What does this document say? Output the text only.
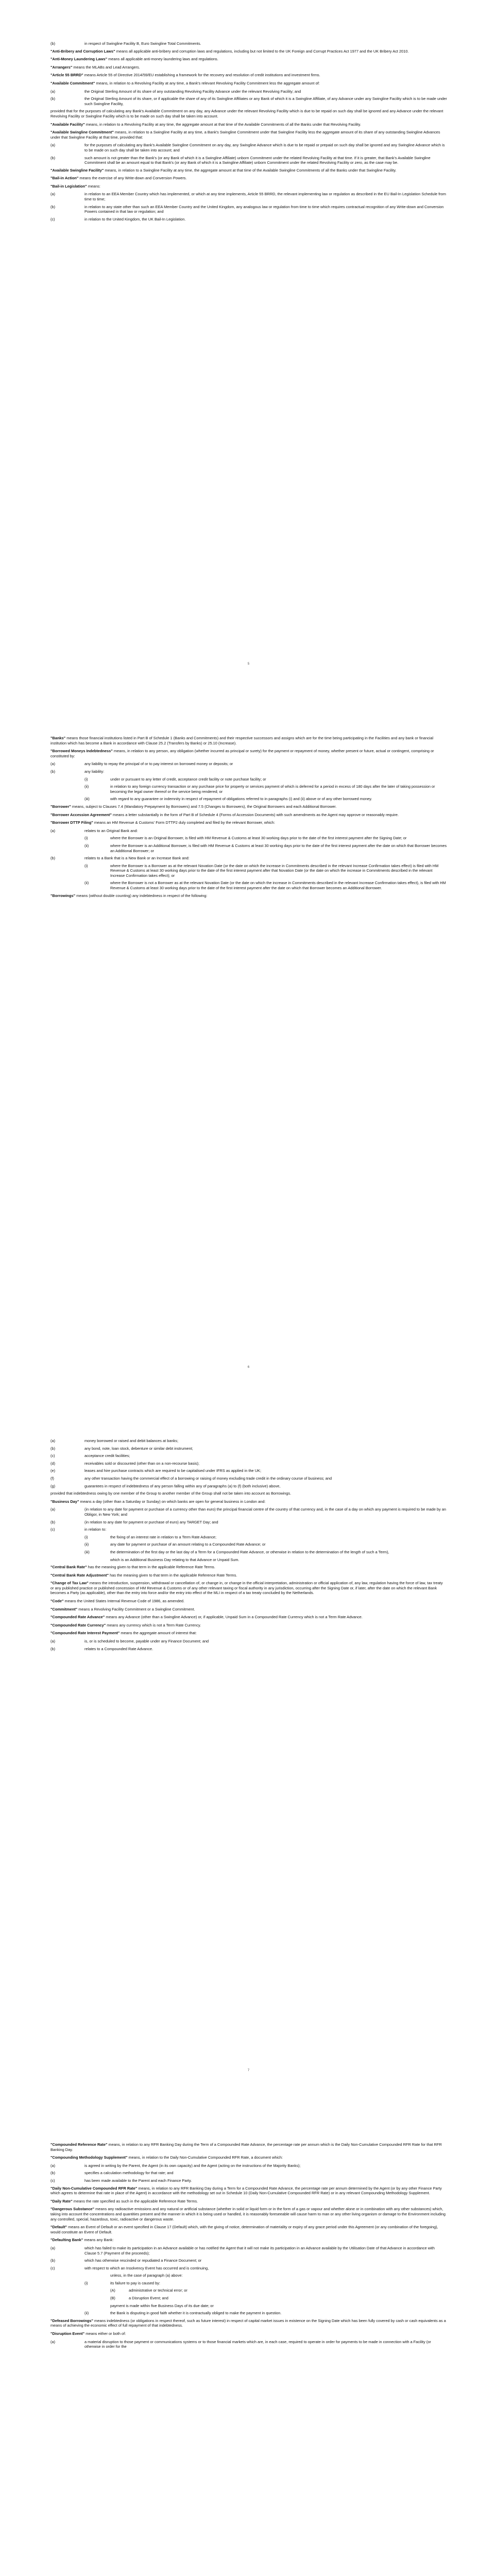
(b)	in respect of Swingline Facility B, Euro Swingline Total Commitments.

"Anti-Bribery and Corruption Laws" means all applicable anti-bribery and corruption laws and regulations, including but not limited to the UK Foreign and Corrupt Practices Act 1977 and the UK Bribery Act 2010.

"Anti-Money Laundering Laws" means all applicable anti-money laundering laws and regulations.

"Arrangers" means the MLABs and Lead Arrangers.

"Article 55 BRRD" means Article 55 of Directive 2014/59/EU establishing a framework for the recovery and resolution of credit institutions and investment firms.

"Available Commitment" means, in relation to a Revolving Facility at any time, a Bank's relevant Revolving Facility Commitment less the aggregate amount of:

(a)	the Original Sterling Amount of its share of any outstanding Revolving Facility Advance under the relevant Revolving Facility; and
(b)	the Original Sterling Amount of its share, or if applicable the share of any of its Swingline Affiliates or any Bank of which it is a Swingline Affiliate, of any Advance under any Swingline Facility which is to be made under such Swingline Facility,

provided that for the purposes of calculating any Bank's Available Commitment on any day, any Advance under the relevant Revolving Facility which is due to be repaid on such day shall be ignored and any Advance under the relevant Revolving Facility or Swingline Facility which is to be made on such day shall be taken into account.

"Available Facility" means, in relation to a Revolving Facility at any time, the aggregate amount at that time of the Available Commitments of all the Banks under that Revolving Facility.

"Available Swingline Commitment" means, in relation to a Swingline Facility at any time, a Bank's Swingline Commitment under that Swingline Facility less the aggregate amount of its share of any outstanding Swingline Advances under that Swingline Facility at that time, provided that:

(a)	for the purposes of calculating any Bank's Available Swingline Commitment on any day, any Swingline Advance which is due to be repaid or prepaid on such day shall be ignored and any Swingline Advance which is to be made on such day shall be taken into account; and
(b)	such amount is not greater than the Bank's (or any Bank of which it is a Swingline Affiliate) unborn Commitment under the related Revolving Facility at that time. If it is greater, that Bank's Available Swingline Commitment shall be an amount equal to that Bank's (or any Bank of which it is a Swingline Affiliate) unborn Commitment under the related Revolving Facility or zero, as the case may be.

"Available Swingline Facility" means, in relation to a Swingline Facility at any time, the aggregate amount at that time of the Available Swingline Commitments of all the Banks under that Swingline Facility.

"Bail-in Action" means the exercise of any Write-down and Conversion Powers.

"Bail-in Legislation" means:

(a)	in relation to an EEA Member Country which has implemented, or which at any time implements, Article 55 BRRD, the relevant implementing law or regulation as described in the EU Bail-In Legislation Schedule from time to time;
(b)	in relation to any state other than such an EEA Member Country and the United Kingdom, any analogous law or regulation from time to time which requires contractual recognition of any Write-down and Conversion Powers contained in that law or regulation; and
(c)	in relation to the United Kingdom, the UK Bail-In Legislation.
5

"Banks" means those financial institutions listed in Part B of Schedule 1 (Banks and Commitments) and their respective successors and assigns which are for the time being participating in the Facilities and any bank or financial institution which has become a Bank in accordance with Clause 25.2 (Transfers by Banks) or 25.10 (Increase).

"Borrowed Moneys Indebtedness" means, in relation to any person, any obligation (whether incurred as principal or surety) for the payment or repayment of money, whether present or future, actual or contingent, comprising or constituted by:

(a)	any liability to repay the principal of or to pay interest on borrowed money or deposits; or
(b)	any liability:
(i)	under or pursuant to any letter of credit, acceptance credit facility or note purchase facility; or
(ii)	in relation to any foreign currency transaction or any purchase price for property or services payment of which is deferred for a period in excess of 180 days after the later of taking possession or becoming the legal owner thereof or the service being rendered; or
(iii)	with regard to any guarantee or indemnity in respect of repayment of obligations referred to in paragraphs (i) and (ii) above or of any other borrowed money.

"Borrower" means, subject to Clauses 7.4 (Mandatory Prepayment by Borrowers) and 7.5 (Changes to Borrowers), the Original Borrowers and each Additional Borrower.

"Borrower Accession Agreement" means a letter substantially in the form of Part B of Schedule 4 (Forms of Accession Documents) with such amendments as the Agent may approve or reasonably require.

"Borrower DTTP Filing" means an HM Revenue & Customs' Form DTTP2 duly completed and filed by the relevant Borrower, which:

(a)	relates to an Original Bank and:
(i)	where the Borrower is an Original Borrower, is filed with HM Revenue & Customs at least 30 working days prior to the date of the first interest payment after the Signing Date; or
(ii)	where the Borrower is an Additional Borrower, is filed with HM Revenue & Customs at least 30 working days prior to the date of the first interest payment after the date on which that Borrower becomes an Additional Borrower; or
(b)	relates to a Bank that is a New Bank or an Increase Bank and:
(i)	where the Borrower is a Borrower as at the relevant Novation Date (or the date on which the increase in Commitments described in the relevant Increase Confirmation takes effect) is filed with HM Revenue & Customs at least 30 working days prior to the date of the first interest payment after that Novation Date (or the date on which the increase in Commitments described in the relevant Increase Confirmation takes effect); or
(ii)	where the Borrower is not a Borrower as at the relevant Novation Date (or the date on which the increase in Commitments described in the relevant Increase Confirmation takes effect), is filed with HM Revenue & Customs at least 30 working days prior to the date of the first interest payment after the date on which that Borrower becomes an Additional Borrower.

"Borrowings" means (without double counting) any indebtedness in respect of the following:

6
(a)	money borrowed or raised and debit balances at banks;
(b)	any bond, note, loan stock, debenture or similar debt instrument;
(c)	acceptance credit facilities;
(d)	receivables sold or discounted (other than on a non-recourse basis);
(e)	leases and hire purchase contracts which are required to be capitalised under IFRS as applied in the UK;
(f)	any other transaction having the commercial effect of a borrowing or raising of money excluding trade credit in the ordinary course of business; and
(g)	guarantees in respect of indebtedness of any person falling within any of paragraphs (a) to (f) (both inclusive) above,

provided that indebtedness owing by one member of the Group to another member of the Group shall not be taken into account as Borrowings.

"Business Day" means a day (other than a Saturday or Sunday) on which banks are open for general business in London and:

(a)	(in relation to any date for payment or purchase of a currency other than euro) the principal financial centre of the country of that currency and, in the case of a day on which any payment is required to be made by an Obligor, in New York; and
(b)	(in relation to any date for payment or purchase of euro) any TARGET Day; and
(c)	in relation to:
(i)	the fixing of an interest rate in relation to a Term Rate Advance;
(ii)	any date for payment or purchase of an amount relating to a Compounded Rate Advance; or
(iii)	the determination of the first day or the last day of a Term for a Compounded Rate Advance, or otherwise in relation to the determination of the length of such a Term),

which is an Additional Business Day relating to that Advance or Unpaid Sum.

"Central Bank Rate" has the meaning given to that term in the applicable Reference Rate Terms.

"Central Bank Rate Adjustment" has the meaning given to that term in the applicable Reference Rate Terms.

"Change of Tax Law" means the introduction, suspension, withdrawal or cancellation of, or change in, or change in the official interpretation, administration or official application of, any law, regulation having the force of law, tax treaty or any published practice or published concession of HM Revenue & Customs or of any other relevant taxing or fiscal authority in any jurisdiction, occurring after the Signing Date or, if later, after the date on which the relevant Bank becomes a Party (as applicable), other than the entry into force and/or the entry into effect of the MLI in respect of a tax treaty concluded by the Netherlands.

"Code" means the United States Internal Revenue Code of 1986, as amended.

"Commitment" means a Revolving Facility Commitment or a Swingline Commitment.

"Compounded Rate Advance" means any Advance (other than a Swingline Advance) or, if applicable, Unpaid Sum in a Compounded Rate Currency which is not a Term Rate Advance.

"Compounded Rate Currency" means any currency which is not a Term Rate Currency.

"Compounded Rate Interest Payment" means the aggregate amount of interest that:

(a)	is, or is scheduled to become, payable under any Finance Document; and
(b)	relates to a Compounded Rate Advance.
7

"Compounded Reference Rate" means, in relation to any RFR Banking Day during the Term of a Compounded Rate Advance, the percentage rate per annum which is the Daily Non-Cumulative Compounded RFR Rate for that RFR Banking Day.

"Compounding Methodology Supplement" means, in relation to the Daily Non-Cumulative Compounded RFR Rate, a document which:

(a)	is agreed in writing by the Parent, the Agent (in its own capacity) and the Agent (acting on the instructions of the Majority Banks);
(b)	specifies a calculation methodology for that rate; and
(c)	has been made available to the Parent and each Finance Party.

"Daily Non-Cumulative Compounded RFR Rate" means, in relation to any RFR Banking Day during a Term for a Compounded Rate Advance, the percentage rate per annum determined by the Agent (or by any other Finance Party which agrees to determine that rate in place of the Agent) in accordance with the methodology set out in Schedule 10 (Daily Non-Cumulative Compounded RFR Rate) or in any relevant Compounding Methodology Supplement.

"Daily Rate" means the rate specified as such in the applicable Reference Rate Terms.

"Dangerous Substance" means any radioactive emissions and any natural or artificial substance (whether in solid or liquid form or in the form of a gas or vapour and whether alone or in combination with any other substances) which, taking into account the concentrations and quantities present and the manner in which it is being used or handled, it is reasonably foreseeable will cause harm to man or any other living organism or damage to the Environment including any controlled, special, hazardous, toxic, radioactive or dangerous waste.

"Default" means an Event of Default or an event specified in Clause 17 (Default) which, with the giving of notice, determination of materiality or expiry of any grace period under this Agreement (or any combination of the foregoing), would constitute an Event of Default.

"Defaulting Bank" means any Bank:

(a)	which has failed to make its participation in an Advance available or has notified the Agent that it will not make its participation in an Advance available by the Utilisation Date of that Advance in accordance with Clause 5.7 (Payment of the proceeds);
(b)	which has otherwise rescinded or repudiated a Finance Document; or
(c)	with respect to which an Insolvency Event has occurred and is continuing,

unless, in the case of paragraph (a) above:

(i)	its failure to pay is caused by:
(A)	administrative or technical error; or
(B)	a Disruption Event; and

payment is made within five Business Days of its due date; or

(ii)	the Bank is disputing in good faith whether it is contractually obliged to make the payment in question.

"Defeased Borrowings" means indebtedness (or obligations in respect thereof, such as future interest) in respect of capital market issues in existence on the Signing Date which has been fully covered by cash or cash equivalents as a means of achieving the economic effect of full repayment of that indebtedness.

"Disruption Event" means either or both of:

(a)	a material disruption to those payment or communications systems or to those financial markets which are, in each case, required to operate in order for payments to be made in connection with a Facility (or otherwise in order for the
